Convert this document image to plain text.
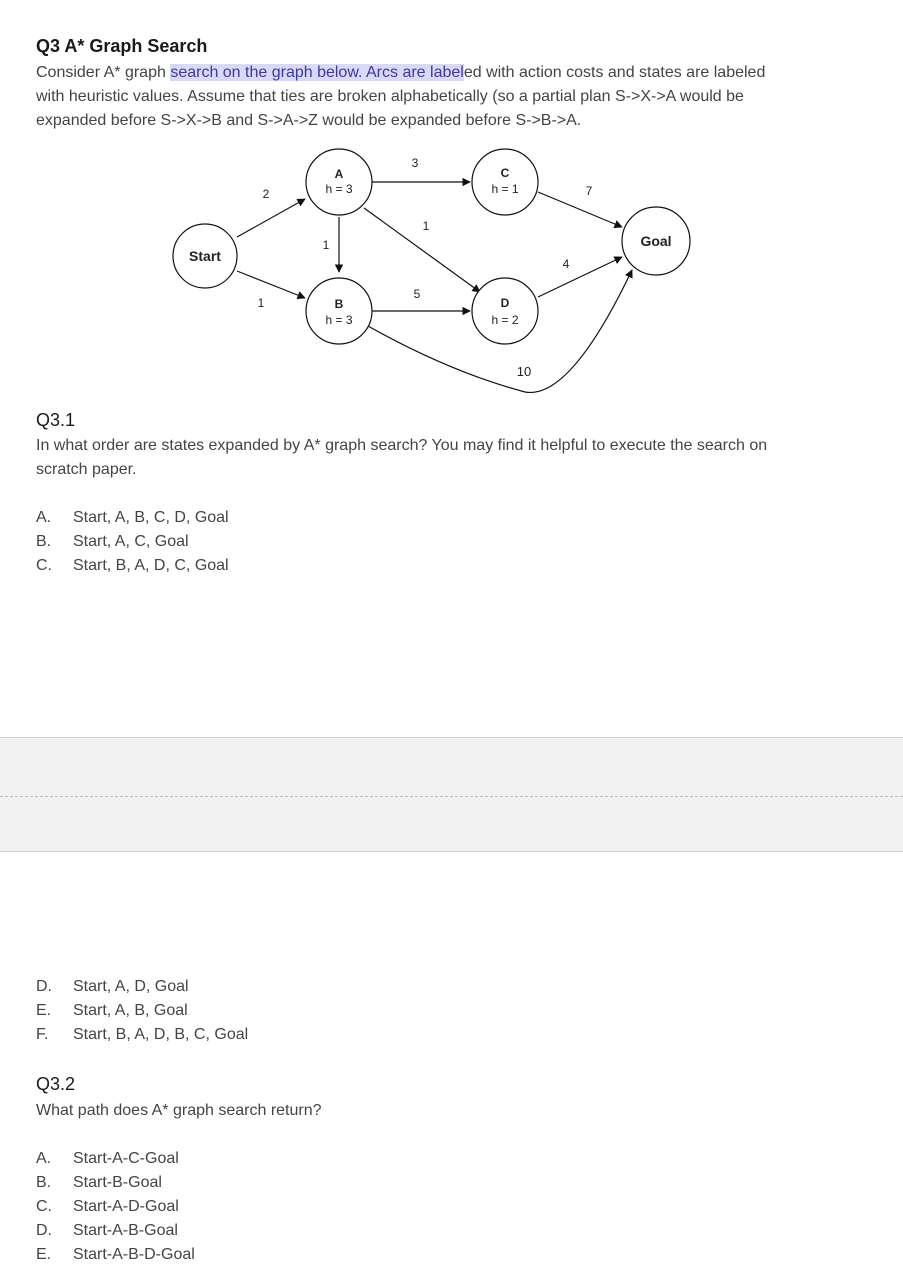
Q3 A* Graph Search
Consider A* graph search on the graph below. Arcs are labeled with action costs and states are labeled
with heuristic values. Assume that ties are broken alphabetically (so a partial plan S->X->A would be
expanded before S->X->B and S->A->Z would be expanded before S->B->A.
2
1
1
3
1
5
10
7
4
Start
A
h = 3
B
h = 3
C
h = 1
D
h = 2
Goal
Q3.1
In what order are states expanded by A* graph search? You may find it helpful to execute the search on
scratch paper.
A.	Start, A, B, C, D, Goal
B.	Start, A, C, Goal
C.	Start, B, A, D, C, Goal
D.	Start, A, D, Goal
E.	Start, A, B, Goal
F.	Start, B, A, D, B, C, Goal
Q3.2
What path does A* graph search return?
A.	Start-A-C-Goal
B.	Start-B-Goal
C.	Start-A-D-Goal
D.	Start-A-B-Goal
E.	Start-A-B-D-Goal
